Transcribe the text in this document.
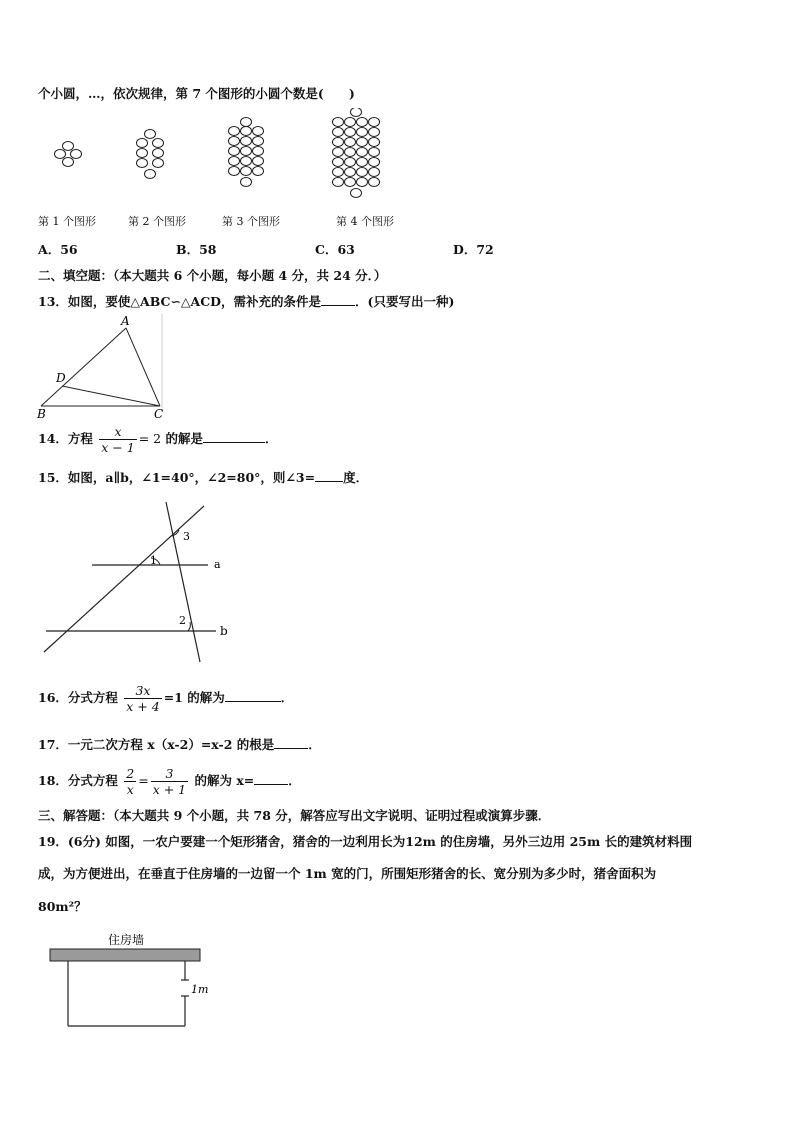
个小圆，…，依次规律，第 7 个图形的小圆个数是(　　)
第 1 个图形	第 2 个图形	第 3 个图形	第 4 个图形
A．56	B．58	C．63	D．72
二、填空题：（本大题共 6 个小题，每小题 4 分，共 24 分．）
13．如图，要使△ABC∽△ACD，需补充的条件是	．(只要写出一种)
A
B	C
D
14．方程 $\frac{x}{x - 1} = 2$ 的解是	．
15．如图，a∥b，∠1=40°，∠2=80°，则∠3= 度．
1
2
3
a
b
16．分式方程 $\frac{3x}{x + 4} =1$ 的解为	．
17．一元二次方程 x（x-2）=x-2 的根是	．
18．分式方程 $\frac{2}{x} = \frac{3}{x + 1}$ 的解为 x=	．
三、解答题：（本大题共 9 个小题，共 78 分，解答应写出文字说明、证明过程或演算步骤．
19．(6分) 如图，一农户要建一个矩形猪舍，猪舍的一边利用长为12m 的住房墙，另外三边用 25m 长的建筑材料围
成，为方便进出，在垂直于住房墙的一边留一个 1m 宽的门，所围矩形猪舍的长、宽分别为多少时，猪舍面积为
80m²？
住房墙
1m
